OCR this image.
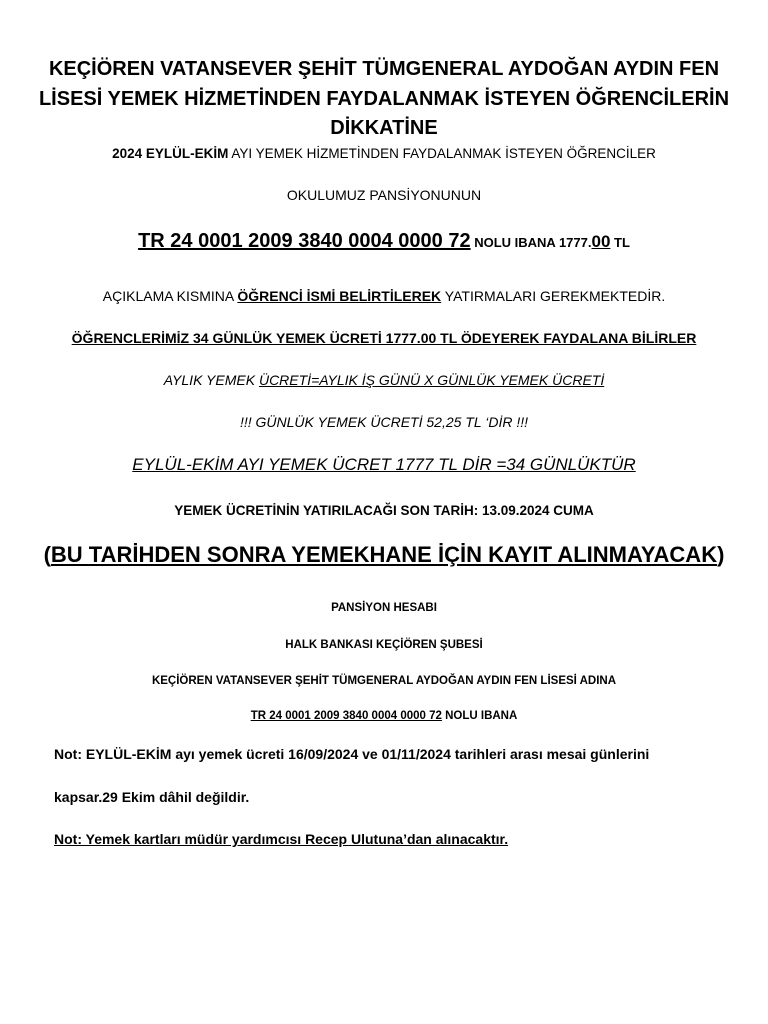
KEÇİÖREN VATANSEVER ŞEHİT TÜMGENERAL AYDOĞAN AYDIN FEN
LİSESİ YEMEK HİZMETİNDEN FAYDALANMAK İSTEYEN ÖĞRENCİLERİN
DİKKATİNE
2024 EYLÜL-EKİM AYI YEMEK HİZMETİNDEN FAYDALANMAK İSTEYEN ÖĞRENCİLER
OKULUMUZ PANSİYONUNUN
TR 24 0001 2009 3840 0004 0000 72 NOLU IBANA 1777.00 TL
AÇIKLAMA KISMINA ÖĞRENCİ İSMİ BELİRTİLEREK YATIRMALARI GEREKMEKTEDİR.
ÖĞRENCLERİMİZ 34 GÜNLÜK YEMEK ÜCRETİ 1777.00 TL ÖDEYEREK FAYDALANA BİLİRLER
AYLIK YEMEK ÜCRETİ=AYLIK İŞ GÜNÜ X GÜNLÜK YEMEK ÜCRETİ
!!! GÜNLÜK YEMEK ÜCRETİ 52,25 TL ‘DİR !!!
EYLÜL-EKİM AYI YEMEK ÜCRET 1777 TL DİR =34 GÜNLÜKTÜR
YEMEK ÜCRETİNİN YATIRILACAĞI SON TARİH: 13.09.2024 CUMA
(BU TARİHDEN SONRA YEMEKHANE İÇİN KAYIT ALINMAYACAK)
PANSİYON HESABI
HALK BANKASI KEÇİÖREN ŞUBESİ
KEÇİÖREN VATANSEVER ŞEHİT TÜMGENERAL AYDOĞAN AYDIN FEN LİSESİ ADINA
TR 24 0001 2009 3840 0004 0000 72 NOLU IBANA
Not: EYLÜL-EKİM ayı yemek ücreti 16/09/2024 ve 01/11/2024 tarihleri arası mesai günlerini
kapsar.29 Ekim dâhil değildir.
Not: Yemek kartları müdür yardımcısı Recep Ulutuna’dan alınacaktır.
